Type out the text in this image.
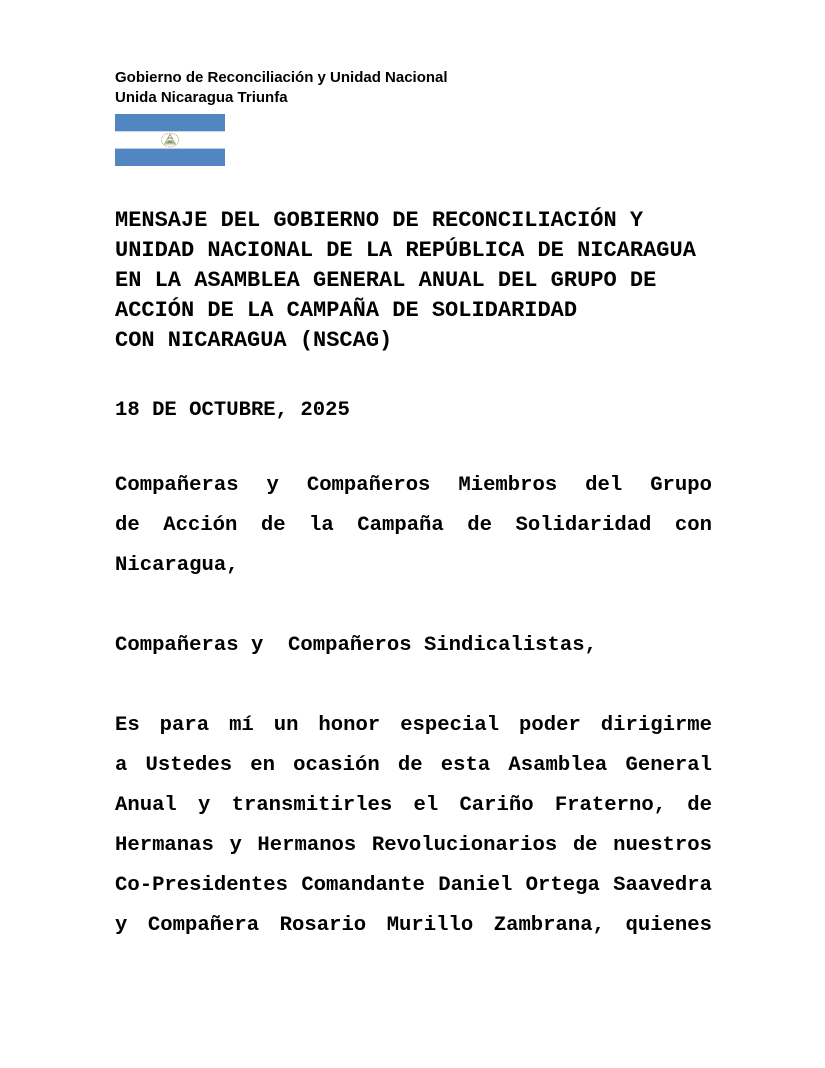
Gobierno de Reconciliación y Unidad Nacional
Unida Nicaragua Triunfa
MENSAJE DEL GOBIERNO DE RECONCILIACIÓN Y
UNIDAD NACIONAL DE LA REPÚBLICA DE NICARAGUA
EN LA ASAMBLEA GENERAL ANUAL DEL GRUPO DE
ACCIÓN DE LA CAMPAÑA DE SOLIDARIDAD
CON NICARAGUA (NSCAG)
18 DE OCTUBRE, 2025
Compañeras y Compañeros Miembros del Grupo
de Acción de la Campaña de Solidaridad con
Nicaragua,
Compañeras y  Compañeros Sindicalistas,
Es para mí un honor especial poder dirigirme
a Ustedes en ocasión de esta Asamblea General
Anual y transmitirles el Cariño Fraterno, de
Hermanas y Hermanos Revolucionarios de nuestros
Co-Presidentes Comandante Daniel Ortega Saavedra
y Compañera Rosario Murillo Zambrana, quienes
